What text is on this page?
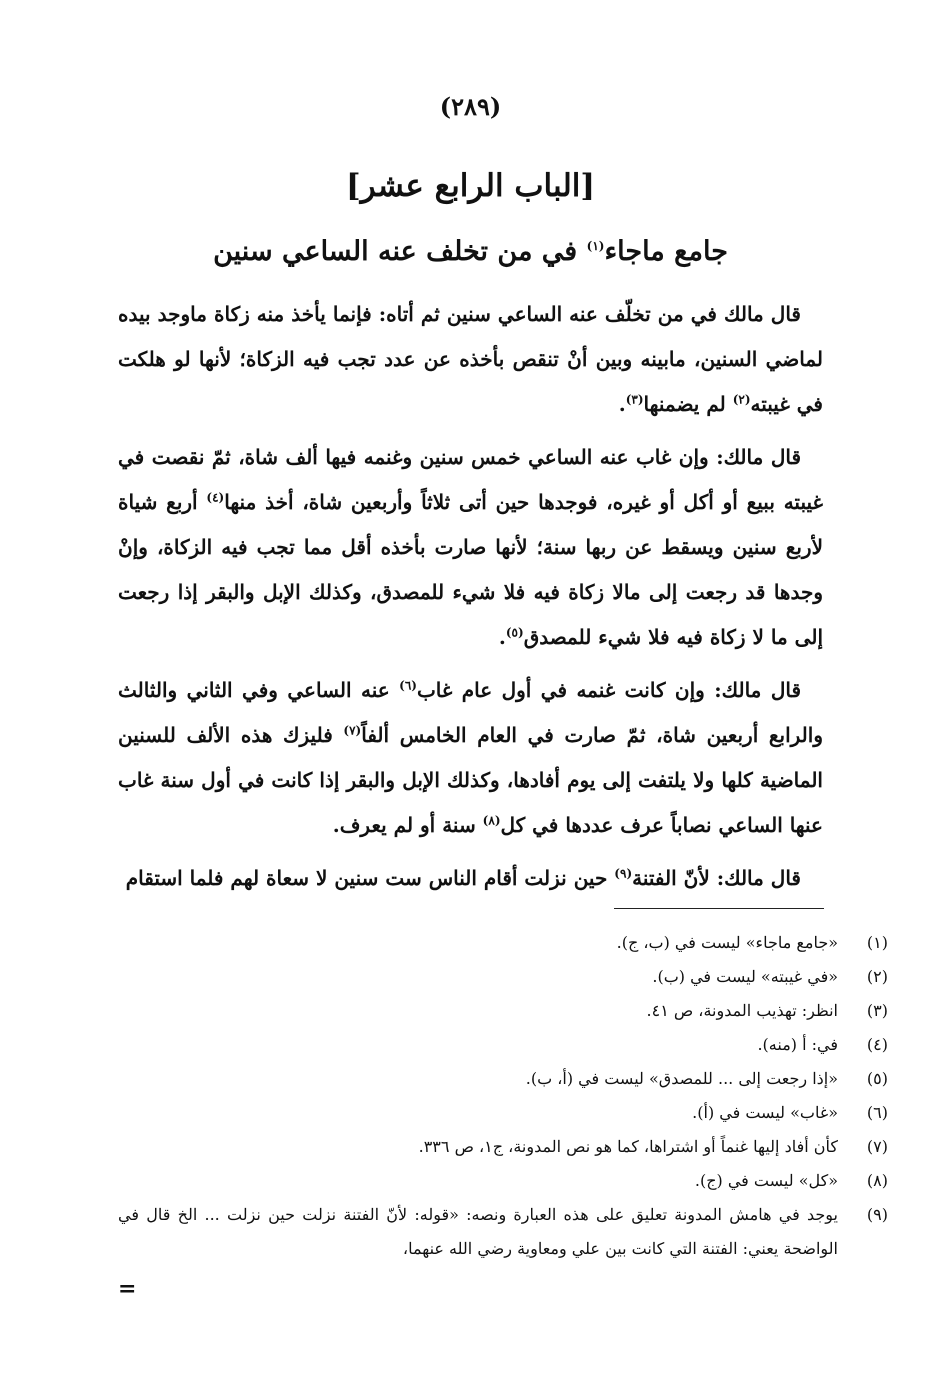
(٢٨٩)
[الباب الرابع عشر]
جامع ماجاء$^{(١)}$ في من تخلف عنه الساعي سنين

قال مالك في من تخلّف عنه الساعي سنين ثم أتاه: فإنما يأخذ منه زكاة ماوجد بيده لماضي السنين، مابينه وبين أنْ تنقص بأخذه عن عدد تجب فيه الزكاة؛ لأنها لو هلكت في غيبته$^{(٢)}$ لم يضمنها$^{(٣)}$.

قال مالك: وإن غاب عنه الساعي خمس سنين وغنمه فيها ألف شاة، ثمّ نقصت في غيبته ببيع أو أكل أو غيره، فوجدها حين أتى ثلاثاً وأربعين شاة، أخذ منها$^{(٤)}$ أربع شياة لأربع سنين ويسقط عن ربها سنة؛ لأنها صارت بأخذه أقل مما تجب فيه الزكاة، وإنْ وجدها قد رجعت إلى مالا زكاة فيه فلا شيء للمصدق، وكذلك الإبل والبقر إذا رجعت إلى ما لا زكاة فيه فلا شيء للمصدق$^{(٥)}$.

قال مالك: وإن كانت غنمه في أول عام غاب$^{(٦)}$ عنه الساعي وفي الثاني والثالث والرابع أربعين شاة، ثمّ صارت في العام الخامس ألفاً$^{(٧)}$ فليزك هذه الألف للسنين الماضية كلها ولا يلتفت إلى يوم أفادها، وكذلك الإبل والبقر إذا كانت في أول سنة غاب عنها الساعي نصاباً عرف عددها في كل$^{(٨)}$ سنة أو لم يعرف.

قال مالك: لأنّ الفتنة$^{(٩)}$ حين نزلت أقام الناس ست سنين لا سعاة لهم فلما استقام

(١)
«جامع ماجاء» ليست في (ب، ج).
(٢)
«في غيبته» ليست في (ب).
(٣)
انظر: تهذيب المدونة، ص ٤١.
(٤)
في: أ (منه).
(٥)
«إذا رجعت إلى ... للمصدق» ليست في (أ، ب).
(٦)
«غاب» ليست في (أ).
(٧)
كأن أفاد إليها غنماً أو اشتراها، كما هو نص المدونة، ج١، ص ٣٣٦.
(٨)
«كل» ليست في (ج).
(٩)
يوجد في هامش المدونة تعليق على هذه العبارة ونصه: «قوله: لأنّ الفتنة نزلت حين نزلت ... الخ قال في الواضحة يعني: الفتنة التي كانت بين علي ومعاوية رضي الله عنهما،
=
